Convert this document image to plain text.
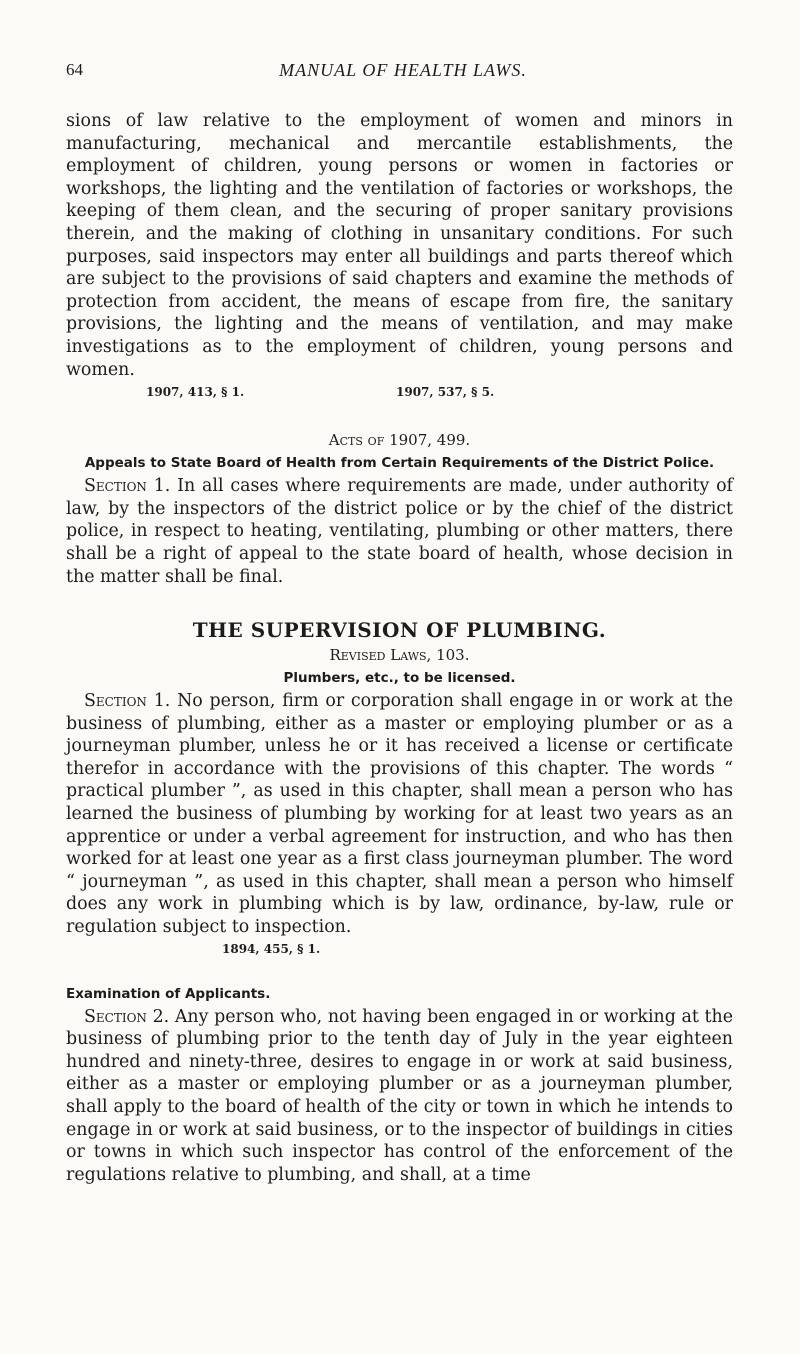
64	MANUAL OF HEALTH LAWS.

sions of law relative to the employment of women and minors in manufacturing, mechanical and mercantile establishments, the employment of children, young persons or women in factories or workshops, the lighting and the ventilation of factories or workshops, the keeping of them clean, and the securing of proper sanitary provisions therein, and the making of clothing in unsanitary conditions. For such purposes, said inspectors may enter all buildings and parts thereof which are subject to the provisions of said chapters and examine the methods of protection from accident, the means of escape from fire, the sanitary provisions, the lighting and the means of ventilation, and may make investigations as to the employment of children, young persons and women.

1907, 413, § 1.	1907, 537, § 5.
Acts of 1907, 499.
Appeals to State Board of Health from Certain Requirements of the District Police.

Section 1. In all cases where requirements are made, under authority of law, by the inspectors of the district police or by the chief of the district police, in respect to heating, ventilating, plumbing or other matters, there shall be a right of appeal to the state board of health, whose decision in the matter shall be final.

THE SUPERVISION OF PLUMBING.
Revised Laws, 103.
Plumbers, etc., to be licensed.

Section 1. No person, firm or corporation shall engage in or work at the business of plumbing, either as a master or employing plumber or as a journeyman plumber, unless he or it has received a license or certificate therefor in accordance with the provisions of this chapter. The words “ practical plumber ”, as used in this chapter, shall mean a person who has learned the business of plumbing by working for at least two years as an apprentice or under a verbal agreement for instruction, and who has then worked for at least one year as a first class journeyman plumber. The word “ journeyman ”, as used in this chapter, shall mean a person who himself does any work in plumbing which is by law, ordinance, by-law, rule or regulation subject to inspection.

1894, 455, § 1.
Examination of Applicants.

Section 2. Any person who, not having been engaged in or working at the business of plumbing prior to the tenth day of July in the year eighteen hundred and ninety-three, desires to engage in or work at said business, either as a master or employing plumber or as a journeyman plumber, shall apply to the board of health of the city or town in which he intends to engage in or work at said business, or to the inspector of buildings in cities or towns in which such inspector has control of the enforcement of the regulations relative to plumbing, and shall, at a time
